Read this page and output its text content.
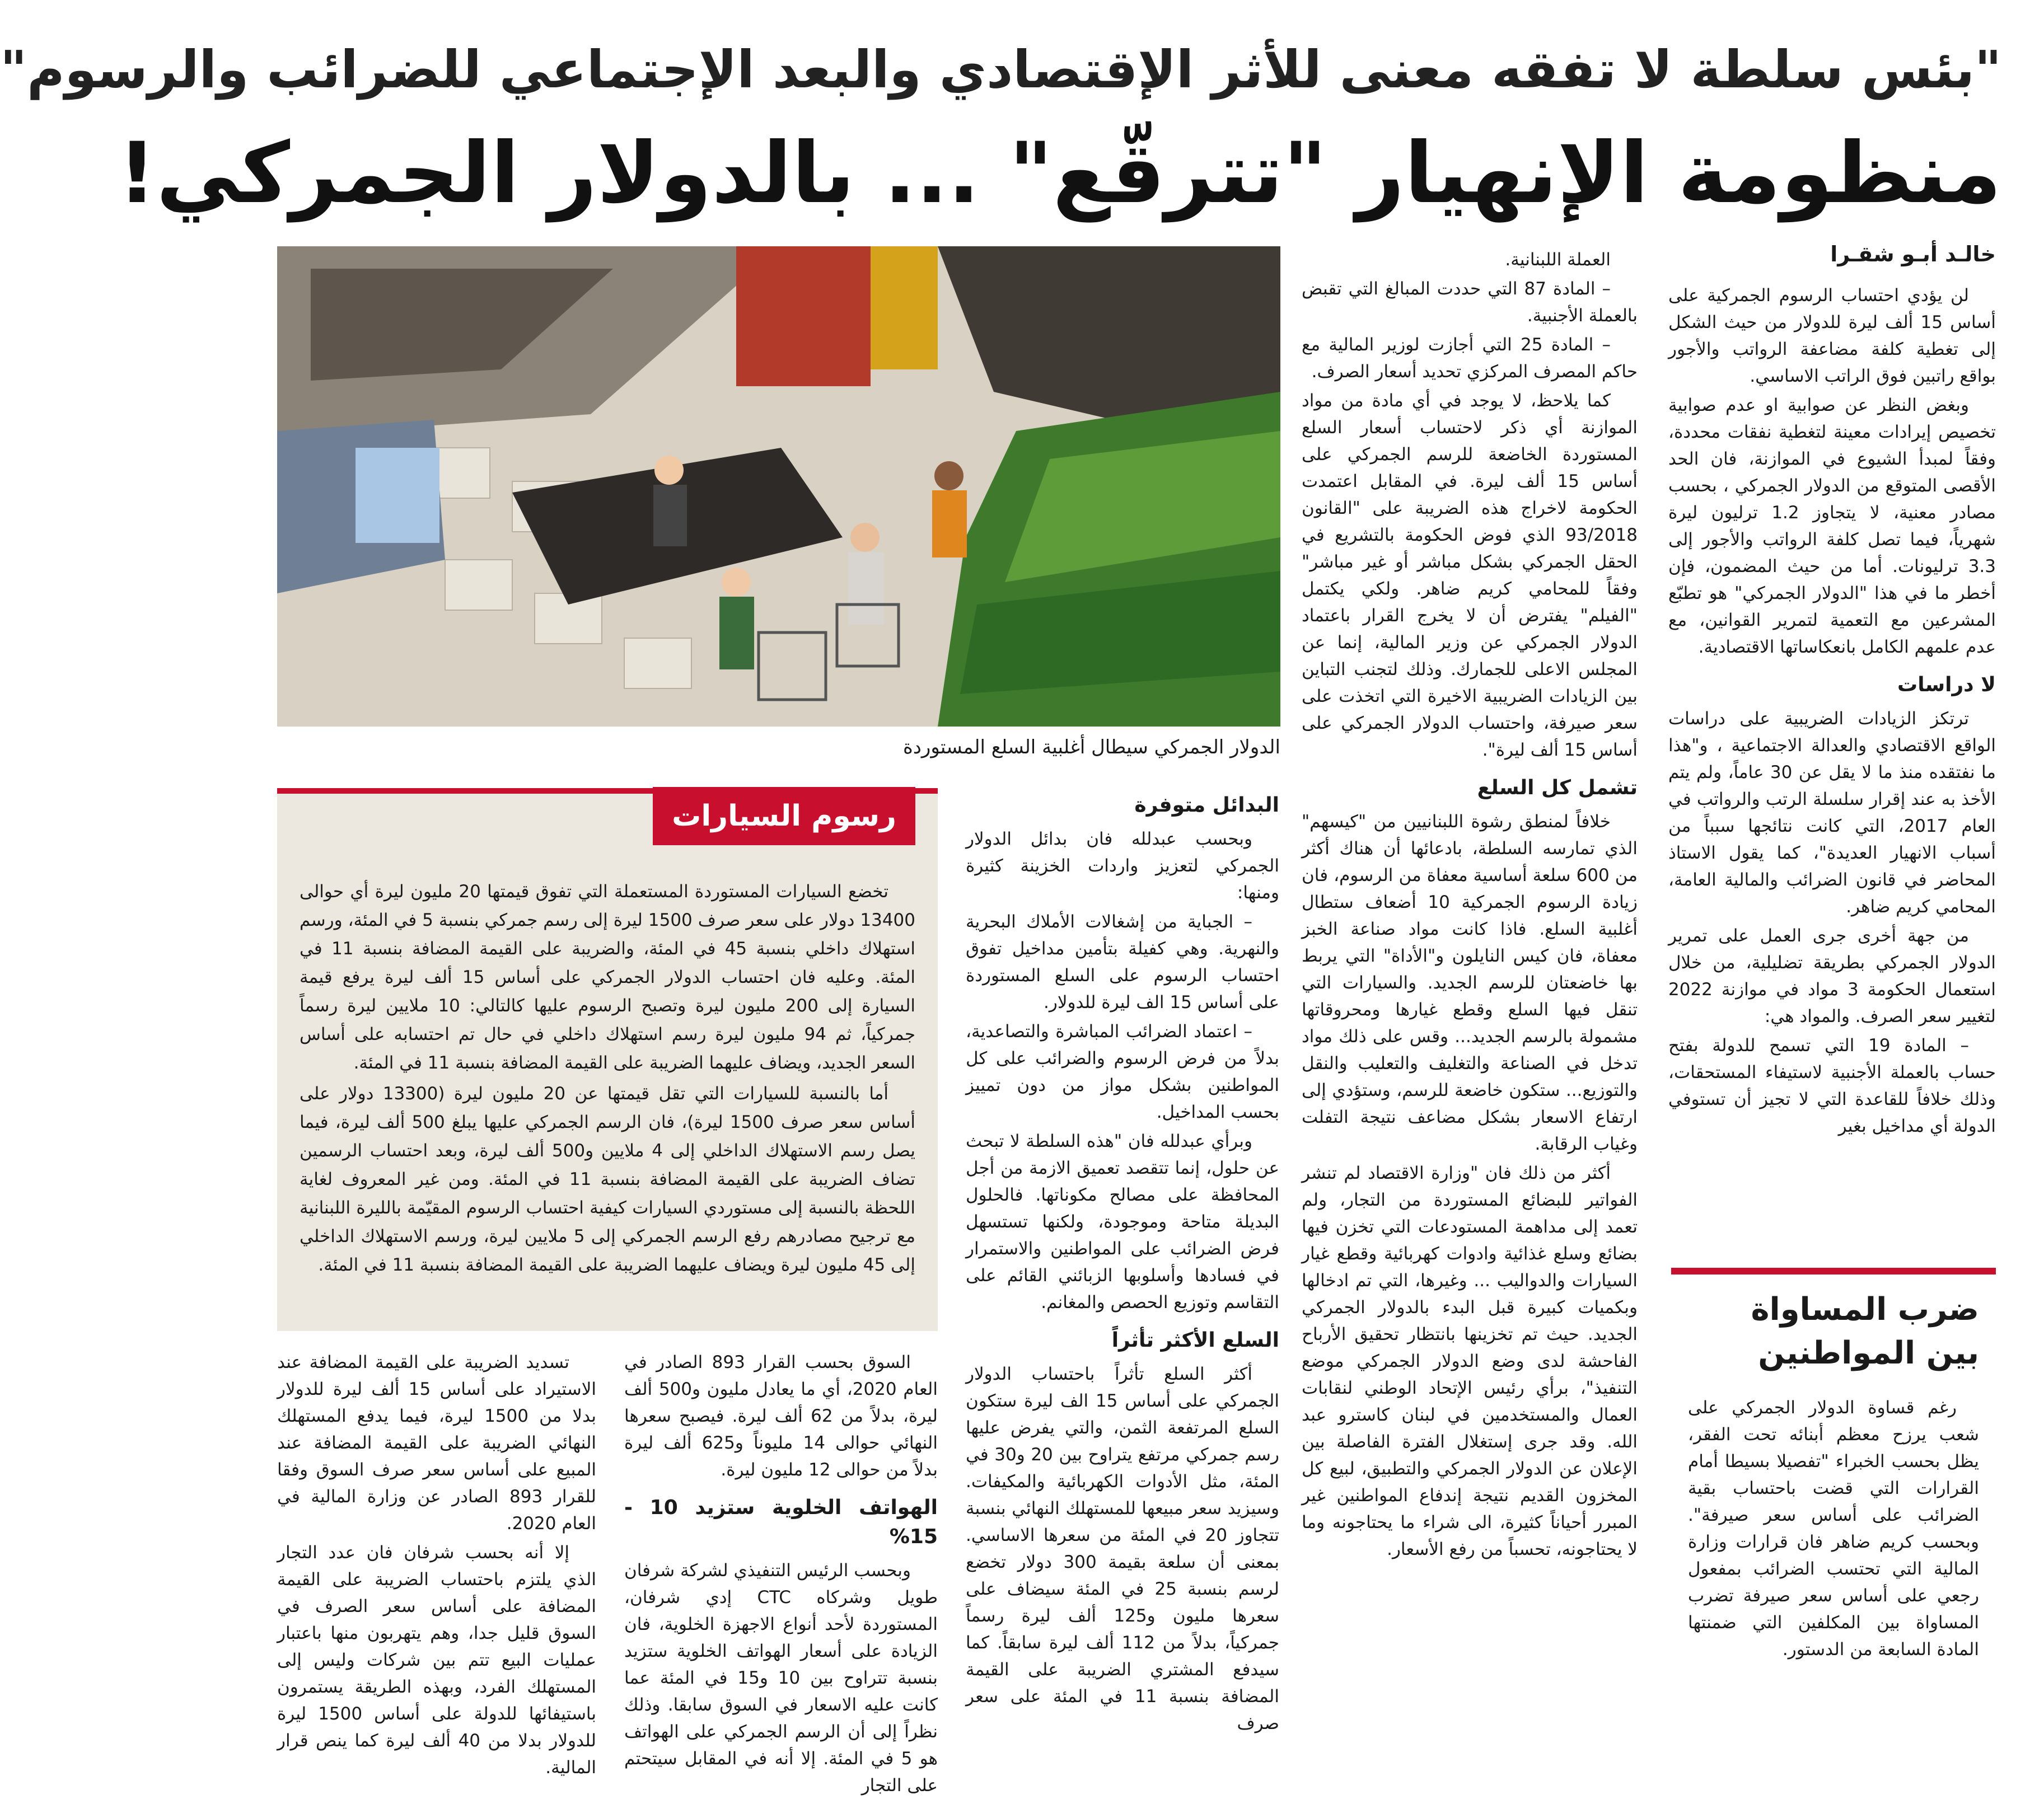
"بئس سلطة لا تفقه معنى للأثر الإقتصادي والبعد الإجتماعي للضرائب والرسوم"
منظومة الإنهيار "تترقّع" ... بالدولار الجمركي!
خالـد أبـو شقـرا

لن يؤدي احتساب الرسوم الجمركية على أساس 15 ألف ليرة للدولار من حيث الشكل إلى تغطية كلفة مضاعفة الرواتب والأجور بواقع راتبين فوق الراتب الاساسي.

وبغض النظر عن صوابية او عدم صوابية تخصيص إيرادات معينة لتغطية نفقات محددة، وفقاً لمبدأ الشيوع في الموازنة، فان الحد الأقصى المتوقع من الدولار الجمركي ، بحسب مصادر معنية، لا يتجاوز 1.2 ترليون ليرة شهرياً، فيما تصل كلفة الرواتب والأجور إلى 3.3 ترليونات. أما من حيث المضمون، فإن أخطر ما في هذا "الدولار الجمركي" هو تطبّع المشرعين مع التعمية لتمرير القوانين، مع عدم علمهم الكامل بانعكاساتها الاقتصادية.

لا دراسات

ترتكز الزيادات الضريبية على دراسات الواقع الاقتصادي والعدالة الاجتماعية ، و"هذا ما نفتقده منذ ما لا يقل عن 30 عاماً، ولم يتم الأخذ به عند إقرار سلسلة الرتب والرواتب في العام 2017، التي كانت نتائجها سبباً من أسباب الانهيار العديدة"، كما يقول الاستاذ المحاضر في قانون الضرائب والمالية العامة، المحامي كريم ضاهر.

من جهة أخرى جرى العمل على تمرير الدولار الجمركي بطريقة تضليلية، من خلال استعمال الحكومة 3 مواد في موازنة 2022 لتغيير سعر الصرف. والمواد هي:

– المادة 19 التي تسمح للدولة بفتح حساب بالعملة الأجنبية لاستيفاء المستحقات، وذلك خلافاً للقاعدة التي لا تجيز أن تستوفي الدولة أي مداخيل بغير

ضرب المساواة بين المواطنين

رغم قساوة الدولار الجمركي على شعب يرزح معظم أبنائه تحت الفقر، يظل بحسب الخبراء "تفصيلا بسيطا أمام القرارات التي قضت باحتساب بقية الضرائب على أساس سعر صيرفة". وبحسب كريم ضاهر فان قرارات وزارة المالية التي تحتسب الضرائب بمفعول رجعي على أساس سعر صيرفة تضرب المساواة بين المكلفين التي ضمنتها المادة السابعة من الدستور.

العملة اللبنانية.

– المادة 87 التي حددت المبالغ التي تقبض بالعملة الأجنبية.

– المادة 25 التي أجازت لوزير المالية مع حاكم المصرف المركزي تحديد أسعار الصرف.

كما يلاحظ، لا يوجد في أي مادة من مواد الموازنة أي ذكر لاحتساب أسعار السلع المستوردة الخاضعة للرسم الجمركي على أساس 15 ألف ليرة. في المقابل اعتمدت الحكومة لاخراج هذه الضريبة على "القانون 93/2018 الذي فوض الحكومة بالتشريع في الحقل الجمركي بشكل مباشر أو غير مباشر" وفقاً للمحامي كريم ضاهر. ولكي يكتمل "الفيلم" يفترض أن لا يخرج القرار باعتماد الدولار الجمركي عن وزير المالية، إنما عن المجلس الاعلى للجمارك. وذلك لتجنب التباين بين الزيادات الضريبية الاخيرة التي اتخذت على سعر صيرفة، واحتساب الدولار الجمركي على أساس 15 ألف ليرة".

تشمل كل السلع

خلافاً لمنطق رشوة اللبنانيين من "كيسهم" الذي تمارسه السلطة، بادعائها أن هناك أكثر من 600 سلعة أساسية معفاة من الرسوم، فان زيادة الرسوم الجمركية 10 أضعاف ستطال أغلبية السلع. فاذا كانت مواد صناعة الخبز معفاة، فان كيس النايلون و"الأداة" التي يربط بها خاضعتان للرسم الجديد. والسيارات التي تنقل فيها السلع وقطع غيارها ومحروقاتها مشمولة بالرسم الجديد... وقس على ذلك مواد تدخل في الصناعة والتغليف والتعليب والنقل والتوزيع... ستكون خاضعة للرسم، وستؤدي إلى ارتفاع الاسعار بشكل مضاعف نتيجة التفلت وغياب الرقابة.

أكثر من ذلك فان "وزارة الاقتصاد لم تنشر الفواتير للبضائع المستوردة من التجار، ولم تعمد إلى مداهمة المستودعات التي تخزن فيها بضائع وسلع غذائية وادوات كهربائية وقطع غيار السيارات والدواليب ... وغيرها، التي تم ادخالها وبكميات كبيرة قبل البدء بالدولار الجمركي الجديد. حيث تم تخزينها بانتظار تحقيق الأرباح الفاحشة لدى وضع الدولار الجمركي موضع التنفيذ"، برأي رئيس الإتحاد الوطني لنقابات العمال والمستخدمين في لبنان كاسترو عبد الله. وقد جرى إستغلال الفترة الفاصلة بين الإعلان عن الدولار الجمركي والتطبيق، لبيع كل المخزون القديم نتيجة إندفاع المواطنين غير المبرر أحياناً كثيرة، الى شراء ما يحتاجونه وما لا يحتاجونه، تحسباً من رفع الأسعار.

الدولار الجمركي سيطال أغلبية السلع المستوردة
البدائل متوفرة

وبحسب عبدلله فان بدائل الدولار الجمركي لتعزيز واردات الخزينة كثيرة ومنها:

– الجباية من إشغالات الأملاك البحرية والنهرية. وهي كفيلة بتأمين مداخيل تفوق احتساب الرسوم على السلع المستوردة على أساس 15 الف ليرة للدولار.

– اعتماد الضرائب المباشرة والتصاعدية، بدلاً من فرض الرسوم والضرائب على كل المواطنين بشكل مواز من دون تمييز بحسب المداخيل.

وبرأي عبدلله فان "هذه السلطة لا تبحث عن حلول، إنما تتقصد تعميق الازمة من أجل المحافظة على مصالح مكوناتها. فالحلول البديلة متاحة وموجودة، ولكنها تستسهل فرض الضرائب على المواطنين والاستمرار في فسادها وأسلوبها الزبائني القائم على التقاسم وتوزيع الحصص والمغانم.

السلع الأكثر تأثراً

أكثر السلع تأثراً باحتساب الدولار الجمركي على أساس 15 الف ليرة ستكون السلع المرتفعة الثمن، والتي يفرض عليها رسم جمركي مرتفع يتراوح بين 20 و30 في المئة، مثل الأدوات الكهربائية والمكيفات. وسيزيد سعر مبيعها للمستهلك النهائي بنسبة تتجاوز 20 في المئة من سعرها الاساسي. بمعنى أن سلعة بقيمة 300 دولار تخضع لرسم بنسبة 25 في المئة سيضاف على سعرها مليون و125 ألف ليرة رسماً جمركياً، بدلاً من 112 ألف ليرة سابقاً. كما سيدفع المشتري الضريبة على القيمة المضافة بنسبة 11 في المئة على سعر صرف

رسوم السيارات

تخضع السيارات المستوردة المستعملة التي تفوق قيمتها 20 مليون ليرة أي حوالى 13400 دولار على سعر صرف 1500 ليرة إلى رسم جمركي بنسبة 5 في المئة، ورسم استهلاك داخلي بنسبة 45 في المئة، والضريبة على القيمة المضافة بنسبة 11 في المئة. وعليه فان احتساب الدولار الجمركي على أساس 15 ألف ليرة يرفع قيمة السيارة إلى 200 مليون ليرة وتصبح الرسوم عليها كالتالي: 10 ملايين ليرة رسماً جمركياً، ثم 94 مليون ليرة رسم استهلاك داخلي في حال تم احتسابه على أساس السعر الجديد، ويضاف عليهما الضريبة على القيمة المضافة بنسبة 11 في المئة.

أما بالنسبة للسيارات التي تقل قيمتها عن 20 مليون ليرة (13300 دولار على أساس سعر صرف 1500 ليرة)، فان الرسم الجمركي عليها يبلغ 500 ألف ليرة، فيما يصل رسم الاستهلاك الداخلي إلى 4 ملايين و500 ألف ليرة، وبعد احتساب الرسمين تضاف الضريبة على القيمة المضافة بنسبة 11 في المئة. ومن غير المعروف لغاية اللحظة بالنسبة إلى مستوردي السيارات كيفية احتساب الرسوم المقيّمة بالليرة اللبنانية مع ترجيح مصادرهم رفع الرسم الجمركي إلى 5 ملايين ليرة، ورسم الاستهلاك الداخلي إلى 45 مليون ليرة ويضاف عليهما الضريبة على القيمة المضافة بنسبة 11 في المئة.

السوق بحسب القرار 893 الصادر في العام 2020، أي ما يعادل مليون و500 ألف ليرة، بدلاً من 62 ألف ليرة. فيصبح سعرها النهائي حوالى 14 مليوناً و625 ألف ليرة بدلاً من حوالى 12 مليون ليرة.

الهواتف الخلوية ستزيد 10 - 15%

وبحسب الرئيس التنفيذي لشركة شرفان طويل وشركاه CTC إدي شرفان، المستوردة لأحد أنواع الاجهزة الخلوية، فان الزيادة على أسعار الهواتف الخلوية ستزيد بنسبة تتراوح بين 10 و15 في المئة عما كانت عليه الاسعار في السوق سابقا. وذلك نظراً إلى أن الرسم الجمركي على الهواتف هو 5 في المئة. إلا أنه في المقابل سيتحتم على التجار

تسديد الضريبة على القيمة المضافة عند الاستيراد على أساس 15 ألف ليرة للدولار بدلا من 1500 ليرة، فيما يدفع المستهلك النهائي الضريبة على القيمة المضافة عند المبيع على أساس سعر صرف السوق وفقا للقرار 893 الصادر عن وزارة المالية في العام 2020.

إلا أنه بحسب شرفان فان عدد التجار الذي يلتزم باحتساب الضريبة على القيمة المضافة على أساس سعر الصرف في السوق قليل جدا، وهم يتهربون منها باعتبار عمليات البيع تتم بين شركات وليس إلى المستهلك الفرد، وبهذه الطريقة يستمرون باستيفائها للدولة على أساس 1500 ليرة للدولار بدلا من 40 ألف ليرة كما ينص قرار المالية.
